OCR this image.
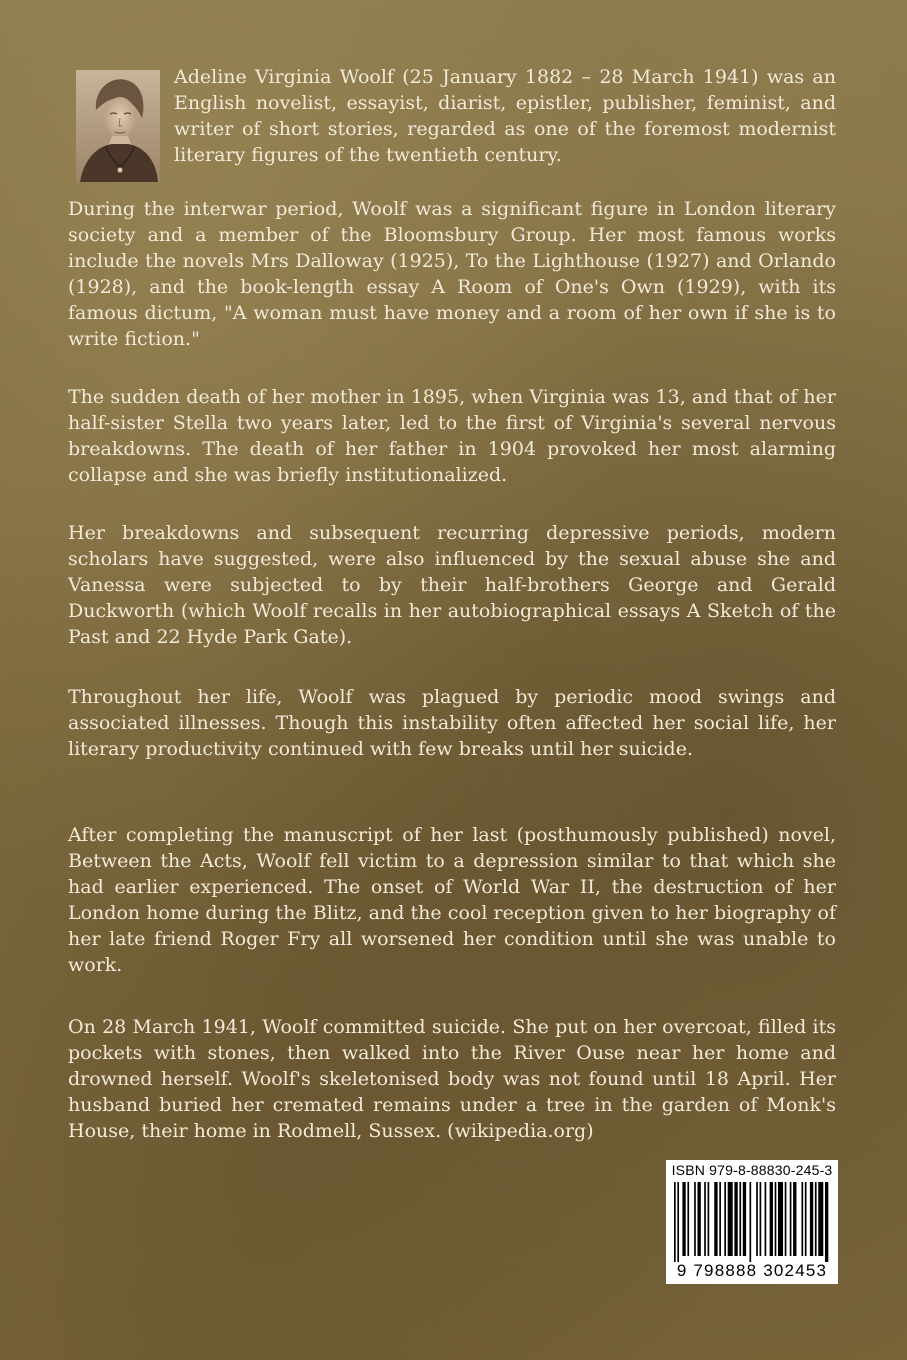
Adeline Virginia Woolf (25 January 1882 – 28 March 1941) was an English novelist, essayist, diarist, epistler, publisher, feminist, and writer of short stories, regarded as one of the foremost modernist literary figures of the twentieth century.

During the interwar period, Woolf was a significant figure in London literary society and a member of the Bloomsbury Group. Her most famous works include the novels Mrs Dalloway (1925), To the Lighthouse (1927) and Orlando (1928), and the book-length essay A Room of One's Own (1929), with its famous dictum, "A woman must have money and a room of her own if she is to write fiction."

The sudden death of her mother in 1895, when Virginia was 13, and that of her half-sister Stella two years later, led to the first of Virginia's several nervous breakdowns. The death of her father in 1904 provoked her most alarming collapse and she was briefly institutionalized.

Her breakdowns and subsequent recurring depressive periods, modern scholars have suggested, were also influenced by the sexual abuse she and Vanessa were subjected to by their half-brothers George and Gerald Duckworth (which Woolf recalls in her autobiographical essays A Sketch of the Past and 22 Hyde Park Gate).

Throughout her life, Woolf was plagued by periodic mood swings and associated illnesses. Though this instability often affected her social life, her literary productivity continued with few breaks until her suicide.

After completing the manuscript of her last (posthumously published) novel, Between the Acts, Woolf fell victim to a depression similar to that which she had earlier experienced. The onset of World War II, the destruction of her London home during the Blitz, and the cool reception given to her biography of her late friend Roger Fry all worsened her condition until she was unable to work.

On 28 March 1941, Woolf committed suicide. She put on her overcoat, filled its pockets with stones, then walked into the River Ouse near her home and drowned herself. Woolf's skeletonised body was not found until 18 April. Her husband buried her cremated remains under a tree in the garden of Monk's House, their home in Rodmell, Sussex. (wikipedia.org)

ISBN 979-8-88830-245-3
9 798888 302453
